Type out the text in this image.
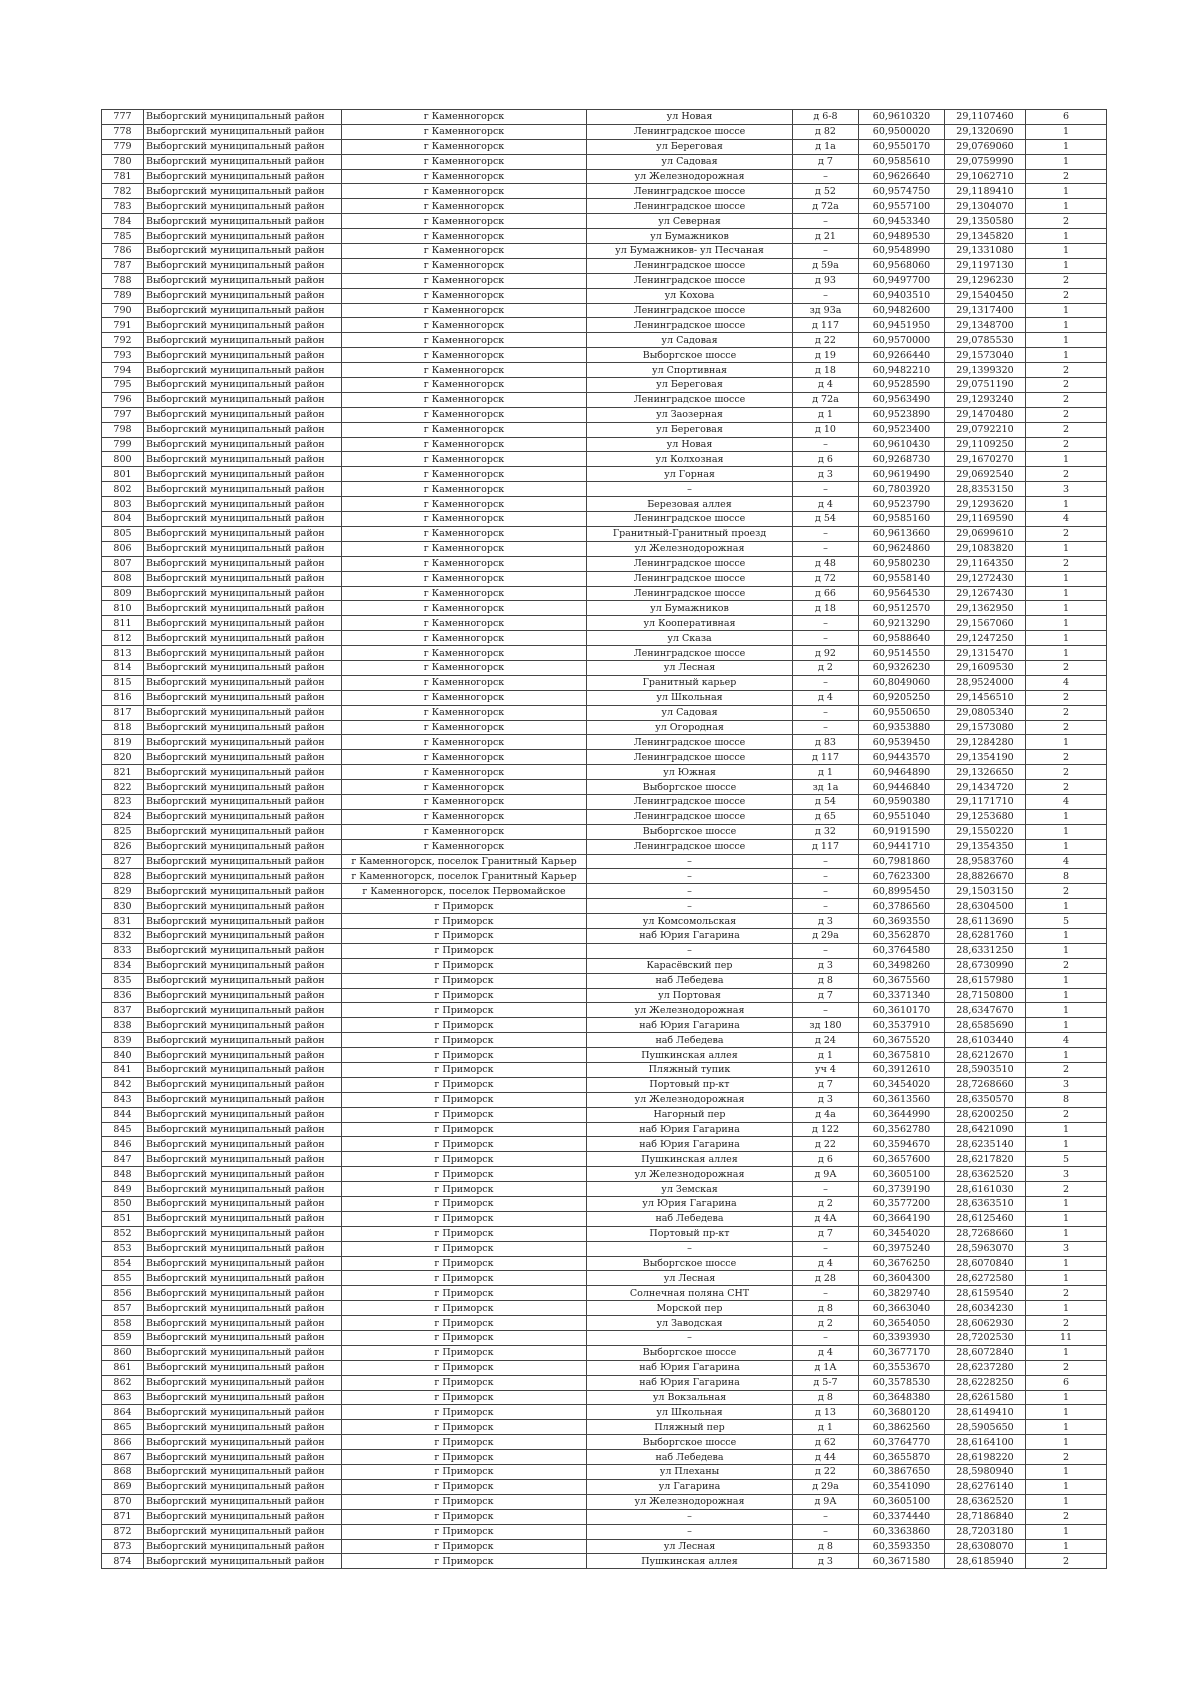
777	Выборгский муниципальный район	г Каменногорск	ул Новая	д 6-8	60,9610320	29,1107460	6
778	Выборгский муниципальный район	г Каменногорск	Ленинградское шоссе	д 82	60,9500020	29,1320690	1
779	Выборгский муниципальный район	г Каменногорск	ул Береговая	д 1а	60,9550170	29,0769060	1
780	Выборгский муниципальный район	г Каменногорск	ул Садовая	д 7	60,9585610	29,0759990	1
781	Выборгский муниципальный район	г Каменногорск	ул Железнодорожная	–	60,9626640	29,1062710	2
782	Выборгский муниципальный район	г Каменногорск	Ленинградское шоссе	д 52	60,9574750	29,1189410	1
783	Выборгский муниципальный район	г Каменногорск	Ленинградское шоссе	д 72а	60,9557100	29,1304070	1
784	Выборгский муниципальный район	г Каменногорск	ул Северная	–	60,9453340	29,1350580	2
785	Выборгский муниципальный район	г Каменногорск	ул Бумажников	д 21	60,9489530	29,1345820	1
786	Выборгский муниципальный район	г Каменногорск	ул Бумажников- ул Песчаная	–	60,9548990	29,1331080	1
787	Выборгский муниципальный район	г Каменногорск	Ленинградское шоссе	д 59а	60,9568060	29,1197130	1
788	Выборгский муниципальный район	г Каменногорск	Ленинградское шоссе	д 93	60,9497700	29,1296230	2
789	Выборгский муниципальный район	г Каменногорск	ул Кохова	–	60,9403510	29,1540450	2
790	Выборгский муниципальный район	г Каменногорск	Ленинградское шоссе	зд 93а	60,9482600	29,1317400	1
791	Выборгский муниципальный район	г Каменногорск	Ленинградское шоссе	д 117	60,9451950	29,1348700	1
792	Выборгский муниципальный район	г Каменногорск	ул Садовая	д 22	60,9570000	29,0785530	1
793	Выборгский муниципальный район	г Каменногорск	Выборгское шоссе	д 19	60,9266440	29,1573040	1
794	Выборгский муниципальный район	г Каменногорск	ул Спортивная	д 18	60,9482210	29,1399320	2
795	Выборгский муниципальный район	г Каменногорск	ул Береговая	д 4	60,9528590	29,0751190	2
796	Выборгский муниципальный район	г Каменногорск	Ленинградское шоссе	д 72а	60,9563490	29,1293240	2
797	Выборгский муниципальный район	г Каменногорск	ул Заозерная	д 1	60,9523890	29,1470480	2
798	Выборгский муниципальный район	г Каменногорск	ул Береговая	д 10	60,9523400	29,0792210	2
799	Выборгский муниципальный район	г Каменногорск	ул Новая	–	60,9610430	29,1109250	2
800	Выборгский муниципальный район	г Каменногорск	ул Колхозная	д 6	60,9268730	29,1670270	1
801	Выборгский муниципальный район	г Каменногорск	ул Горная	д 3	60,9619490	29,0692540	2
802	Выборгский муниципальный район	г Каменногорск	–	–	60,7803920	28,8353150	3
803	Выборгский муниципальный район	г Каменногорск	Березовая аллея	д 4	60,9523790	29,1293620	1
804	Выборгский муниципальный район	г Каменногорск	Ленинградское шоссе	д 54	60,9585160	29,1169590	4
805	Выборгский муниципальный район	г Каменногорск	Гранитный-Гранитный проезд	–	60,9613660	29,0699610	2
806	Выборгский муниципальный район	г Каменногорск	ул Железнодорожная	–	60,9624860	29,1083820	1
807	Выборгский муниципальный район	г Каменногорск	Ленинградское шоссе	д 48	60,9580230	29,1164350	2
808	Выборгский муниципальный район	г Каменногорск	Ленинградское шоссе	д 72	60,9558140	29,1272430	1
809	Выборгский муниципальный район	г Каменногорск	Ленинградское шоссе	д 66	60,9564530	29,1267430	1
810	Выборгский муниципальный район	г Каменногорск	ул Бумажников	д 18	60,9512570	29,1362950	1
811	Выборгский муниципальный район	г Каменногорск	ул Кооперативная	–	60,9213290	29,1567060	1
812	Выборгский муниципальный район	г Каменногорск	ул Сказа	–	60,9588640	29,1247250	1
813	Выборгский муниципальный район	г Каменногорск	Ленинградское шоссе	д 92	60,9514550	29,1315470	1
814	Выборгский муниципальный район	г Каменногорск	ул Лесная	д 2	60,9326230	29,1609530	2
815	Выборгский муниципальный район	г Каменногорск	Гранитный карьер	–	60,8049060	28,9524000	4
816	Выборгский муниципальный район	г Каменногорск	ул Школьная	д 4	60,9205250	29,1456510	2
817	Выборгский муниципальный район	г Каменногорск	ул Садовая	–	60,9550650	29,0805340	2
818	Выборгский муниципальный район	г Каменногорск	ул Огородная	–	60,9353880	29,1573080	2
819	Выборгский муниципальный район	г Каменногорск	Ленинградское шоссе	д 83	60,9539450	29,1284280	1
820	Выборгский муниципальный район	г Каменногорск	Ленинградское шоссе	д 117	60,9443570	29,1354190	2
821	Выборгский муниципальный район	г Каменногорск	ул Южная	д 1	60,9464890	29,1326650	2
822	Выборгский муниципальный район	г Каменногорск	Выборгское шоссе	зд 1а	60,9446840	29,1434720	2
823	Выборгский муниципальный район	г Каменногорск	Ленинградское шоссе	д 54	60,9590380	29,1171710	4
824	Выборгский муниципальный район	г Каменногорск	Ленинградское шоссе	д 65	60,9551040	29,1253680	1
825	Выборгский муниципальный район	г Каменногорск	Выборгское шоссе	д 32	60,9191590	29,1550220	1
826	Выборгский муниципальный район	г Каменногорск	Ленинградское шоссе	д 117	60,9441710	29,1354350	1
827	Выборгский муниципальный район	г Каменногорск, поселок Гранитный Карьер	–	–	60,7981860	28,9583760	4
828	Выборгский муниципальный район	г Каменногорск, поселок Гранитный Карьер	–	–	60,7623300	28,8826670	8
829	Выборгский муниципальный район	г Каменногорск, поселок Первомайское	–	–	60,8995450	29,1503150	2
830	Выборгский муниципальный район	г Приморск	–	–	60,3786560	28,6304500	1
831	Выборгский муниципальный район	г Приморск	ул Комсомольская	д 3	60,3693550	28,6113690	5
832	Выборгский муниципальный район	г Приморск	наб Юрия Гагарина	д 29а	60,3562870	28,6281760	1
833	Выборгский муниципальный район	г Приморск	–	–	60,3764580	28,6331250	1
834	Выборгский муниципальный район	г Приморск	Карасёвский пер	д 3	60,3498260	28,6730990	2
835	Выборгский муниципальный район	г Приморск	наб Лебедева	д 8	60,3675560	28,6157980	1
836	Выборгский муниципальный район	г Приморск	ул Портовая	д 7	60,3371340	28,7150800	1
837	Выборгский муниципальный район	г Приморск	ул Железнодорожная	–	60,3610170	28,6347670	1
838	Выборгский муниципальный район	г Приморск	наб Юрия Гагарина	зд 180	60,3537910	28,6585690	1
839	Выборгский муниципальный район	г Приморск	наб Лебедева	д 24	60,3675520	28,6103440	4
840	Выборгский муниципальный район	г Приморск	Пушкинская аллея	д 1	60,3675810	28,6212670	1
841	Выборгский муниципальный район	г Приморск	Пляжный тупик	уч 4	60,3912610	28,5903510	2
842	Выборгский муниципальный район	г Приморск	Портовый пр-кт	д 7	60,3454020	28,7268660	3
843	Выборгский муниципальный район	г Приморск	ул Железнодорожная	д 3	60,3613560	28,6350570	8
844	Выборгский муниципальный район	г Приморск	Нагорный пер	д 4а	60,3644990	28,6200250	2
845	Выборгский муниципальный район	г Приморск	наб Юрия Гагарина	д 122	60,3562780	28,6421090	1
846	Выборгский муниципальный район	г Приморск	наб Юрия Гагарина	д 22	60,3594670	28,6235140	1
847	Выборгский муниципальный район	г Приморск	Пушкинская аллея	д 6	60,3657600	28,6217820	5
848	Выборгский муниципальный район	г Приморск	ул Железнодорожная	д 9А	60,3605100	28,6362520	3
849	Выборгский муниципальный район	г Приморск	ул Земская	–	60,3739190	28,6161030	2
850	Выборгский муниципальный район	г Приморск	ул Юрия Гагарина	д 2	60,3577200	28,6363510	1
851	Выборгский муниципальный район	г Приморск	наб Лебедева	д 4А	60,3664190	28,6125460	1
852	Выборгский муниципальный район	г Приморск	Портовый пр-кт	д 7	60,3454020	28,7268660	1
853	Выборгский муниципальный район	г Приморск	–	–	60,3975240	28,5963070	3
854	Выборгский муниципальный район	г Приморск	Выборгское шоссе	д 4	60,3676250	28,6070840	1
855	Выборгский муниципальный район	г Приморск	ул Лесная	д 28	60,3604300	28,6272580	1
856	Выборгский муниципальный район	г Приморск	Солнечная поляна СНТ	–	60,3829740	28,6159540	2
857	Выборгский муниципальный район	г Приморск	Морской пер	д 8	60,3663040	28,6034230	1
858	Выборгский муниципальный район	г Приморск	ул Заводская	д 2	60,3654050	28,6062930	2
859	Выборгский муниципальный район	г Приморск	–	–	60,3393930	28,7202530	11
860	Выборгский муниципальный район	г Приморск	Выборгское шоссе	д 4	60,3677170	28,6072840	1
861	Выборгский муниципальный район	г Приморск	наб Юрия Гагарина	д 1А	60,3553670	28,6237280	2
862	Выборгский муниципальный район	г Приморск	наб Юрия Гагарина	д 5-7	60,3578530	28,6228250	6
863	Выборгский муниципальный район	г Приморск	ул Вокзальная	д 8	60,3648380	28,6261580	1
864	Выборгский муниципальный район	г Приморск	ул Школьная	д 13	60,3680120	28,6149410	1
865	Выборгский муниципальный район	г Приморск	Пляжный пер	д 1	60,3862560	28,5905650	1
866	Выборгский муниципальный район	г Приморск	Выборгское шоссе	д 62	60,3764770	28,6164100	1
867	Выборгский муниципальный район	г Приморск	наб Лебедева	д 44	60,3655870	28,6198220	2
868	Выборгский муниципальный район	г Приморск	ул Плеханы	д 22	60,3867650	28,5980940	1
869	Выборгский муниципальный район	г Приморск	ул Гагарина	д 29а	60,3541090	28,6276140	1
870	Выборгский муниципальный район	г Приморск	ул Железнодорожная	д 9А	60,3605100	28,6362520	1
871	Выборгский муниципальный район	г Приморск	–	–	60,3374440	28,7186840	2
872	Выборгский муниципальный район	г Приморск	–	–	60,3363860	28,7203180	1
873	Выборгский муниципальный район	г Приморск	ул Лесная	д 8	60,3593350	28,6308070	1
874	Выборгский муниципальный район	г Приморск	Пушкинская аллея	д 3	60,3671580	28,6185940	2
